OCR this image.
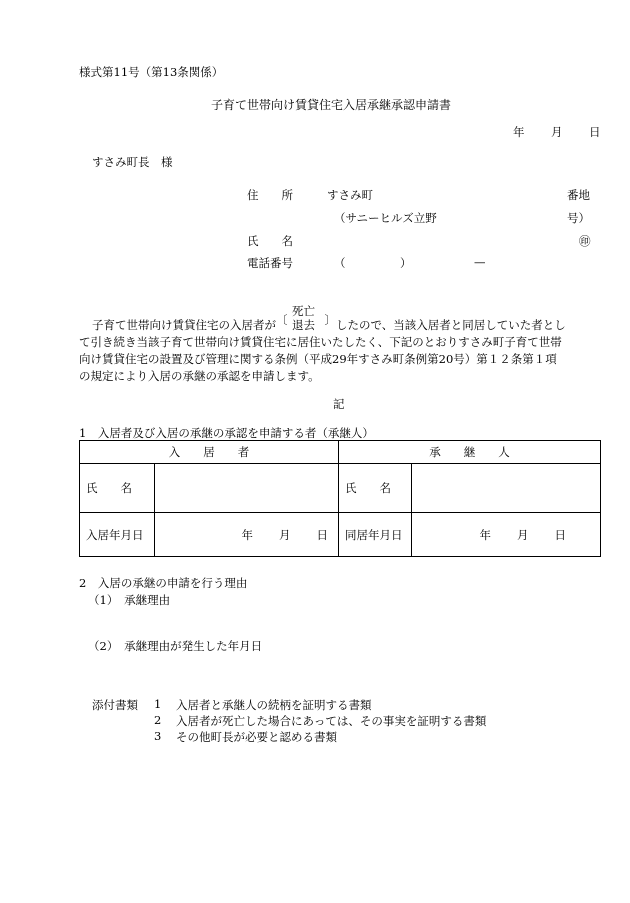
様式第11号（第13条関係）
子育て世帯向け賃貸住宅入居承継承認申請書
年 月 日
すさみ町長　様
住　　所	すさみ町	番地
（サニーヒルズ立野	号）
氏　　名	㊞
電話番号	（	）	—
子育て世帯向け賃貸住宅の入居者が 〔
死亡
退去 〕 したので、当該入居者と同居していた者とし
て引き続き当該子育て世帯向け賃貸住宅に居住いたしたく、下記のとおりすさみ町子育て世帯
向け賃貸住宅の設置及び管理に関する条例（平成29年すさみ町条例第20号）第１２条第１項
の規定により入居の承継の承認を申請します。
記
1　入居者及び入居の承継の承認を申請する者（承継人）
入　　居　　者		承　　継　　人	

氏　　名		氏　　名	
入居年月日	年 月 日	同居年月日	年 月 日
2　入居の承継の申請を行う理由
（1）　承継理由
（2）　承継理由が発生した年月日
添付書類 1 入居者と承継人の続柄を証明する書類
2 入居者が死亡した場合にあっては、その事実を証明する書類
3 その他町長が必要と認める書類
